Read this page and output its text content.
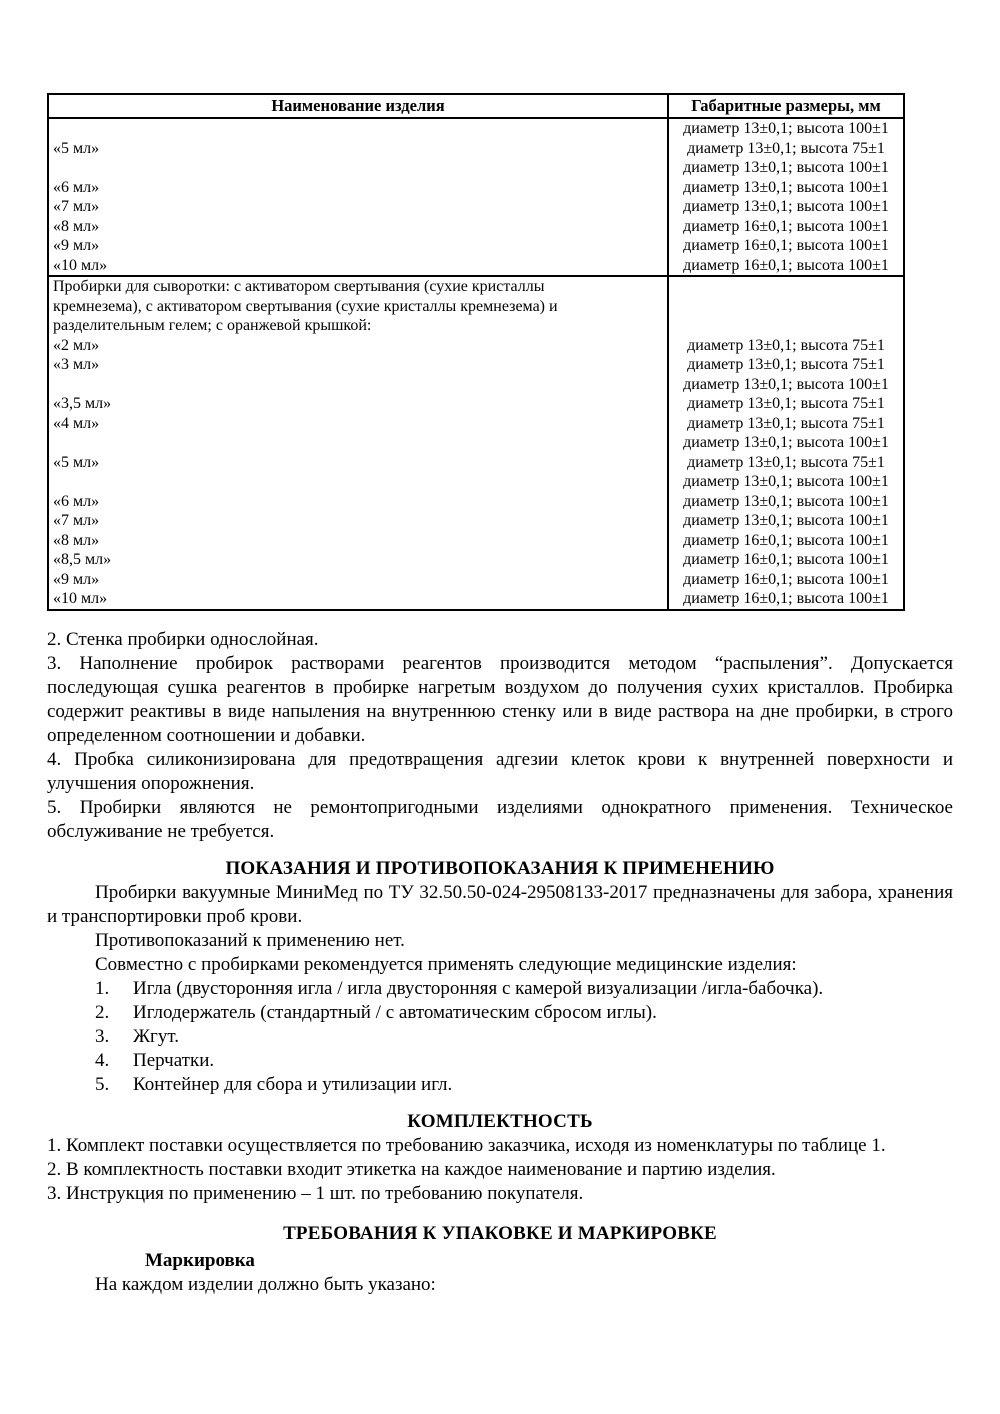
Наименование изделия	Габаритные размеры, мм
	диаметр 13±0,1; высота 100±1
«5 мл»	диаметр 13±0,1; высота 75±1
	диаметр 13±0,1; высота 100±1
«6 мл»	диаметр 13±0,1; высота 100±1
«7 мл»	диаметр 13±0,1; высота 100±1
«8 мл»	диаметр 16±0,1; высота 100±1
«9 мл»	диаметр 16±0,1; высота 100±1
«10 мл»	диаметр 16±0,1; высота 100±1
Пробирки для сыворотки: с активатором свертывания (сухие кристаллы	
кремнезема), с активатором свертывания (сухие кристаллы кремнезема) и	
разделительным гелем; с оранжевой крышкой:	
«2 мл»	диаметр 13±0,1; высота 75±1
«3 мл»	диаметр 13±0,1; высота 75±1
	диаметр 13±0,1; высота 100±1
«3,5 мл»	диаметр 13±0,1; высота 75±1
«4 мл»	диаметр 13±0,1; высота 75±1
	диаметр 13±0,1; высота 100±1
«5 мл»	диаметр 13±0,1; высота 75±1
	диаметр 13±0,1; высота 100±1
«6 мл»	диаметр 13±0,1; высота 100±1
«7 мл»	диаметр 13±0,1; высота 100±1
«8 мл»	диаметр 16±0,1; высота 100±1
«8,5 мл»	диаметр 16±0,1; высота 100±1
«9 мл»	диаметр 16±0,1; высота 100±1
«10 мл»	диаметр 16±0,1; высота 100±1

2. Стенка пробирки однослойная.

3. Наполнение пробирок растворами реагентов производится методом “распыления”. Допускается последующая сушка реагентов в пробирке нагретым воздухом до получения сухих кристаллов. Пробирка содержит реактивы в виде напыления на внутреннюю стенку или в виде раствора на дне пробирки, в строго определенном соотношении и добавки.

4. Пробка силиконизирована для предотвращения адгезии клеток крови к внутренней поверхности и улучшения опорожнения.

5. Пробирки являются не ремонтопригодными изделиями однократного применения. Техническое обслуживание не требуется.

ПОКАЗАНИЯ И ПРОТИВОПОКАЗАНИЯ К ПРИМЕНЕНИЮ

Пробирки вакуумные МиниМед по ТУ 32.50.50-024-29508133-2017 предназначены для забора, хранения и транспортировки проб крови.

Противопоказаний к применению нет.

Совместно с пробирками рекомендуется применять следующие медицинские изделия:

1.	Игла (двусторонняя игла / игла двусторонняя с камерой визуализации /игла-бабочка).
2.	Иглодержатель (стандартный / с автоматическим сбросом иглы).
3.	Жгут.
4.	Перчатки.
5.	Контейнер для сбора и утилизации игл.
КОМПЛЕКТНОСТЬ

1. Комплект поставки осуществляется по требованию заказчика, исходя из номенклатуры по таблице 1.

2. В комплектность поставки входит этикетка на каждое наименование и партию изделия.

3. Инструкция по применению – 1 шт. по требованию покупателя.

ТРЕБОВАНИЯ К УПАКОВКЕ И МАРКИРОВКЕ

Маркировка

На каждом изделии должно быть указано:
